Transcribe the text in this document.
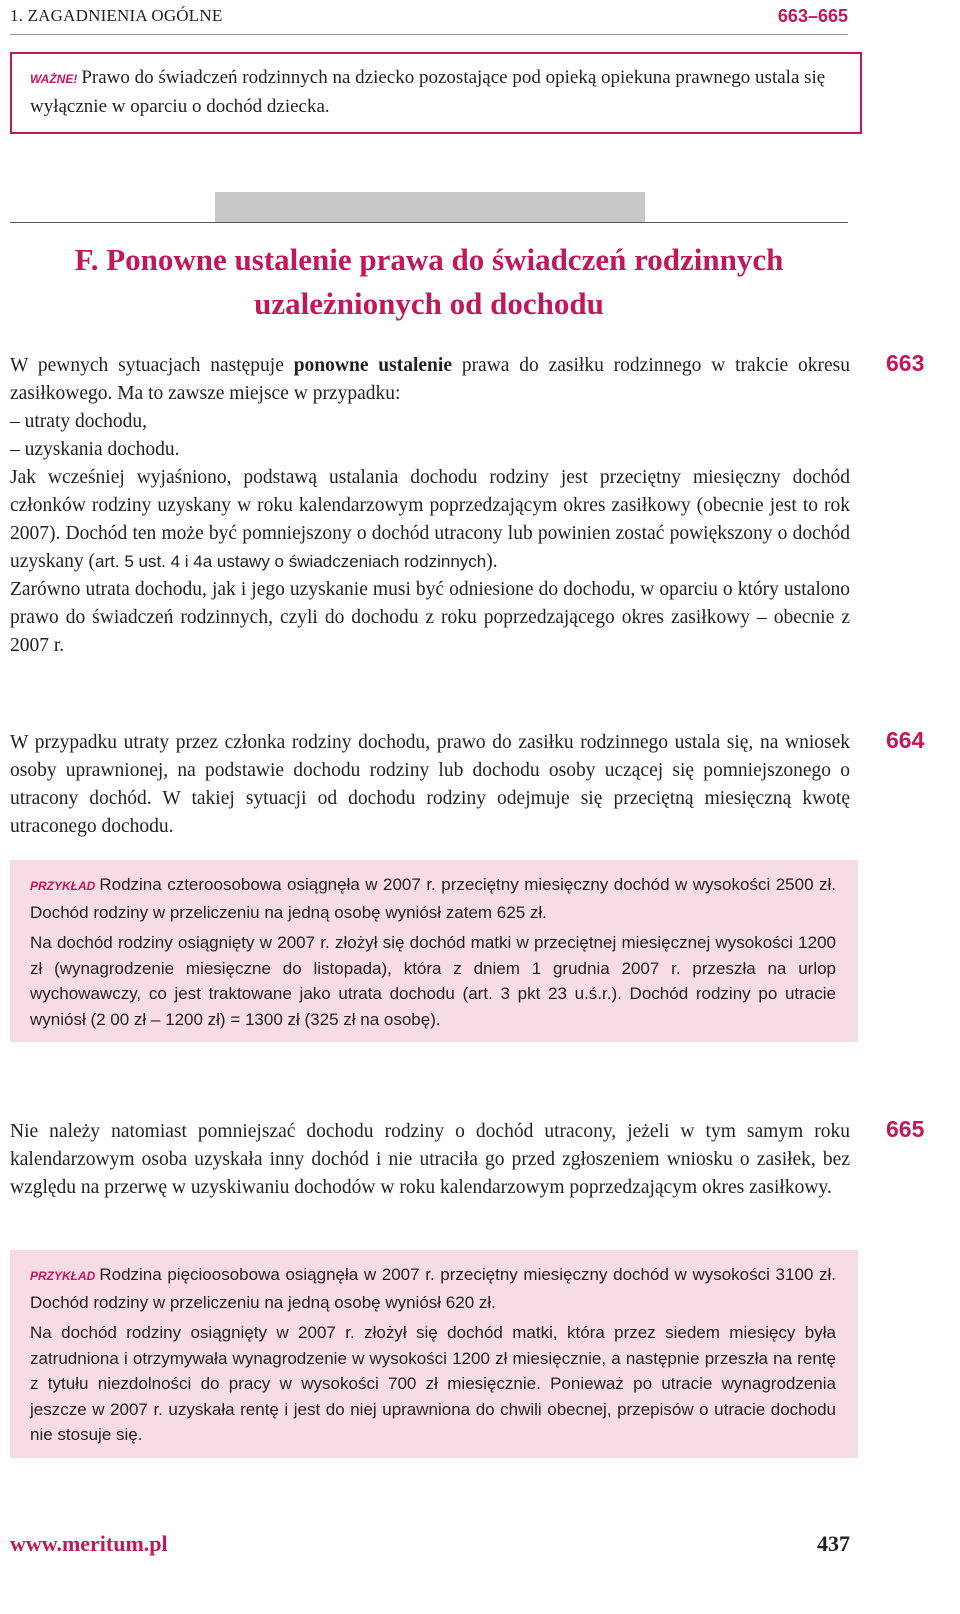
1. ZAGADNIENIA OGÓLNE	663–665
WAŻNE! Prawo do świadczeń rodzinnych na dziecko pozostające pod opieką opiekuna prawnego ustala się wyłącznie w oparciu o dochód dziecka.
F. Ponowne ustalenie prawa do świadczeń rodzinnych
uzależnionych od dochodu
663

W pewnych sytuacjach następuje ponowne ustalenie prawa do zasiłku rodzinnego w trakcie okresu zasiłkowego. Ma to zawsze miejsce w przypadku:

– utraty dochodu,
– uzyskania dochodu.

Jak wcześniej wyjaśniono, podstawą ustalania dochodu rodziny jest przeciętny miesięczny dochód członków rodziny uzyskany w roku kalendarzowym poprzedzającym okres zasiłkowy (obecnie jest to rok 2007). Dochód ten może być pomniejszony o dochód utracony lub powinien zostać powiększony o dochód uzyskany (art. 5 ust. 4 i 4a ustawy o świadczeniach rodzinnych).

Zarówno utrata dochodu, jak i jego uzyskanie musi być odniesione do dochodu, w oparciu o który ustalono prawo do świadczeń rodzinnych, czyli do dochodu z roku poprzedzającego okres zasiłkowy – obecnie z 2007 r.

664

W przypadku utraty przez członka rodziny dochodu, prawo do zasiłku rodzinnego ustala się, na wniosek osoby uprawnionej, na podstawie dochodu rodziny lub dochodu osoby uczącej się pomniejszonego o utracony dochód. W takiej sytuacji od dochodu rodziny odejmuje się przeciętną miesięczną kwotę utraconego dochodu.

PRZYKŁAD Rodzina czteroosobowa osiągnęła w 2007 r. przeciętny miesięczny dochód w wysokości 2500 zł. Dochód rodziny w przeliczeniu na jedną osobę wyniósł zatem 625 zł.

Na dochód rodziny osiągnięty w 2007 r. złożył się dochód matki w przeciętnej miesięcznej wysokości 1200 zł (wynagrodzenie miesięczne do listopada), która z dniem 1 grudnia 2007 r. przeszła na urlop wychowawczy, co jest traktowane jako utrata dochodu (art. 3 pkt 23 u.ś.r.). Dochód rodziny po utracie wyniósł (2 00 zł – 1200 zł) = 1300 zł (325 zł na osobę).

665

Nie należy natomiast pomniejszać dochodu rodziny o dochód utracony, jeżeli w tym samym roku kalendarzowym osoba uzyskała inny dochód i nie utraciła go przed zgłoszeniem wniosku o zasiłek, bez względu na przerwę w uzyskiwaniu dochodów w roku kalendarzowym poprzedzającym okres zasiłkowy.

PRZYKŁAD Rodzina pięcioosobowa osiągnęła w 2007 r. przeciętny miesięczny dochód w wysokości 3100 zł. Dochód rodziny w przeliczeniu na jedną osobę wyniósł 620 zł.

Na dochód rodziny osiągnięty w 2007 r. złożył się dochód matki, która przez siedem miesięcy była zatrudniona i otrzymywała wynagrodzenie w wysokości 1200 zł miesięcznie, a następnie przeszła na rentę z tytułu niezdolności do pracy w wysokości 700 zł miesięcznie. Ponieważ po utracie wynagrodzenia jeszcze w 2007 r. uzyskała rentę i jest do niej uprawniona do chwili obecnej, przepisów o utracie dochodu nie stosuje się.

www.meritum.pl	437
